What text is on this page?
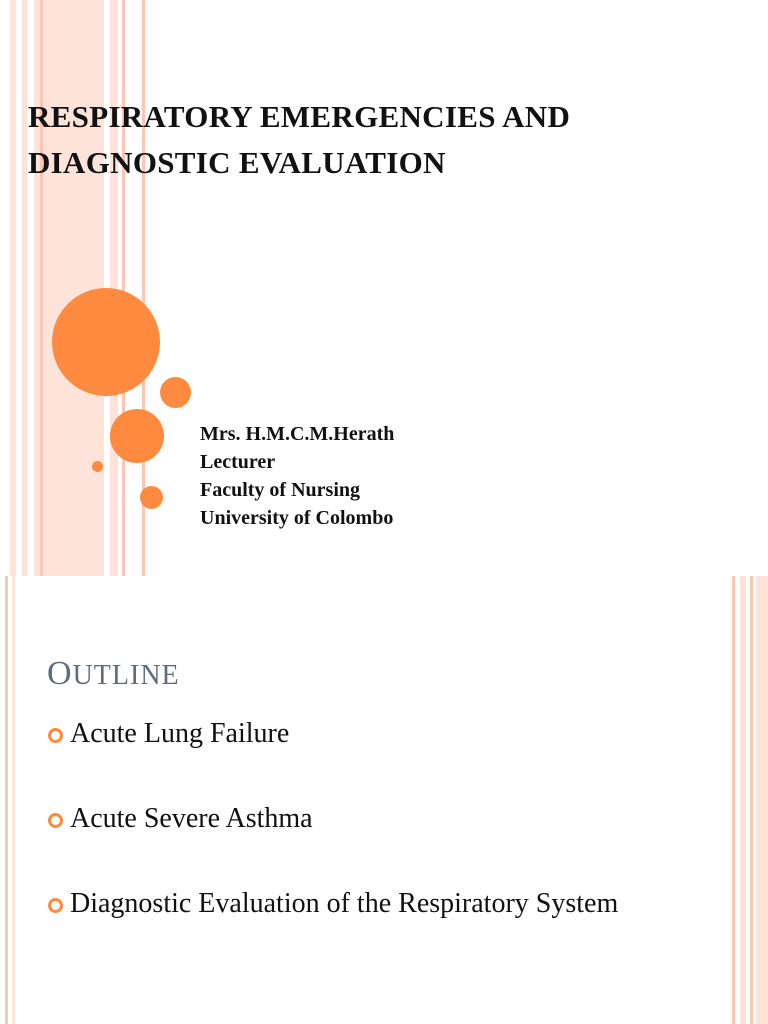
RESPIRATORY EMERGENCIES AND
DIAGNOSTIC EVALUATION
Mrs. H.M.C.M.Herath
Lecturer
Faculty of Nursing
University of Colombo
OUTLINE
Acute Lung Failure
Acute Severe Asthma
Diagnostic Evaluation of the Respiratory System
